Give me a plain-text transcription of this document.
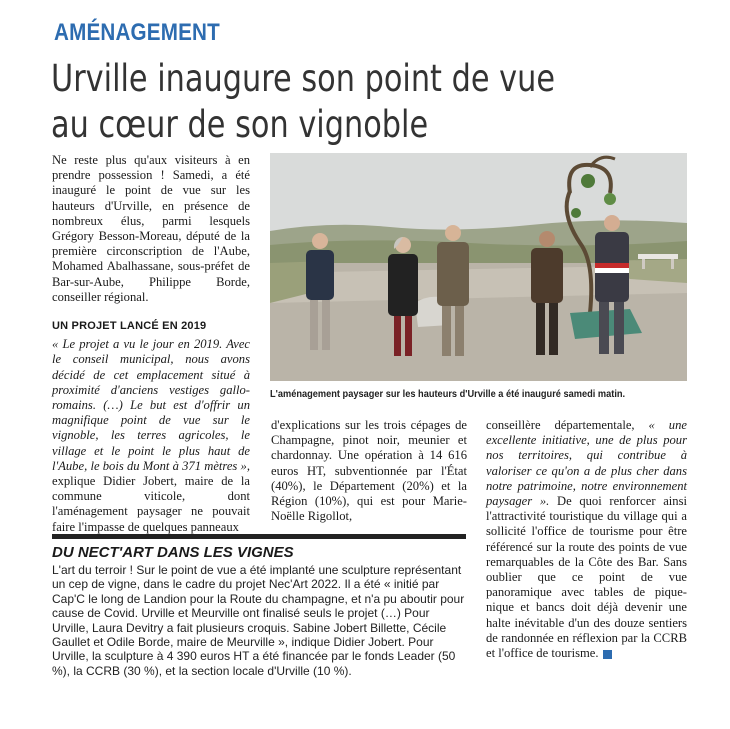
AMÉNAGEMENT
Urville inaugure son point de vue
au cœur de son vignoble

Ne reste plus qu'aux visiteurs à en prendre possession ! Samedi, a été inauguré le point de vue sur les hauteurs d'Urville, en présence de nombreux élus, parmi lesquels Grégory Besson-Moreau, député de la première circonscription de l'Aube, Mohamed Abalhassane, sous-préfet de Bar-sur-Aube, Philippe Borde, conseiller régional.

UN PROJET LANCÉ EN 2019

« Le projet a vu le jour en 2019. Avec le conseil municipal, nous avons décidé de cet emplacement situé à proximité d'anciens vestiges gallo-romains. (…) Le but est d'offrir un magnifique point de vue sur le vignoble, les terres agricoles, le village et le point le plus haut de l'Aube, le bois du Mont à 371 mètres », explique Didier Jobert, maire de la commune viticole, dont l'aménagement paysager ne pouvait faire l'impasse de quelques panneaux

L'aménagement paysager sur les hauteurs d'Urville a été inauguré samedi matin.

d'explications sur les trois cépages de Champagne, pinot noir, meunier et chardonnay. Une opération à 14 616 euros HT, subventionnée par l'État (40%), le Département (20%) et la Région (10%), qui est pour Marie-Noëlle Rigollot,

conseillère départementale, « une excellente initiative, une de plus pour nos territoires, qui contribue à valoriser ce qu'on a de plus cher dans notre patrimoine, notre environnement paysager ». De quoi renforcer ainsi l'attractivité touristique du village qui a sollicité l'office de tourisme pour être référencé sur la route des points de vue remarquables de la Côte des Bar. Sans oublier que ce point de vue panoramique avec tables de pique-nique et bancs doit déjà devenir une halte inévitable d'un des douze sentiers de randonnée en réflexion par la CCRB et l'office de tourisme.

DU NECT'ART DANS LES VIGNES
L'art du terroir ! Sur le point de vue a été implanté une sculpture représentant un cep de vigne, dans le cadre du projet Nec'Art 2022. Il a été « initié par Cap'C le long de Landion pour la Route du champagne, et n'a pu aboutir pour cause de Covid. Urville et Meurville ont finalisé seuls le projet (…) Pour Urville, Laura Devitry a fait plusieurs croquis. Sabine Jobert Billette, Cécile Gaullet et Odile Borde, maire de Meurville », indique Didier Jobert. Pour Urville, la sculpture à 4 390 euros HT a été financée par le fonds Leader (50 %), la CCRB (30 %), et la section locale d'Urville (10 %).
